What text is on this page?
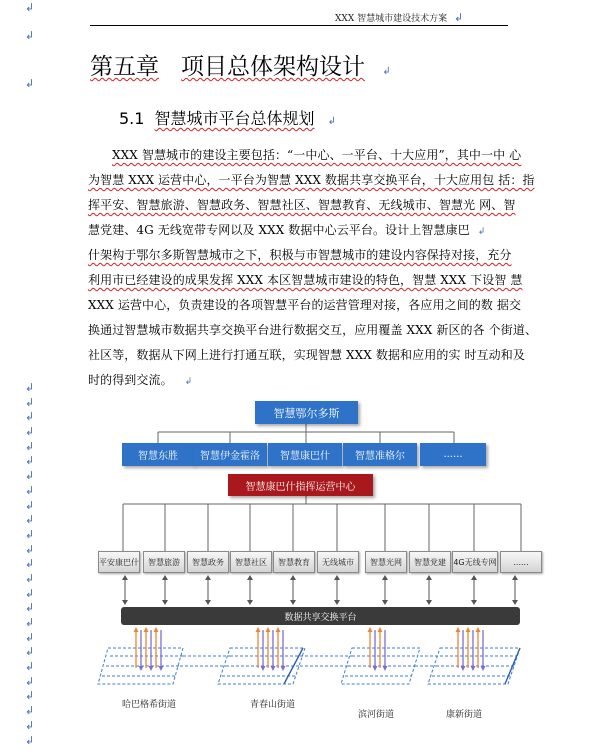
XXX 智慧城市建设技术方案 ↲
↲
↲
↲
第五章 项目总体架构设计 ↲
5.1 智慧城市平台总体规划 ↲
XXX 智慧城市的建设主要包括：“一中心、一平台、十大应用”，其中一中 心
为智慧 XXX 运营中心，一平台为智慧 XXX 数据共享交换平台，十大应用包 括：指
挥平安、智慧旅游、智慧政务、智慧社区、智慧教育、无线城市、智慧光 网、智
慧党建、4G 无线宽带专网以及 XXX 数据中心云平台。设计上智慧康巴 ↲
什架构于鄂尔多斯智慧城市之下，积极与市智慧城市的建设内容保持对接，充分
利用市已经建设的成果发挥 XXX 本区智慧城市建设的特色，智慧 XXX 下设智 慧
XXX 运营中心，负责建设的各项智慧平台的运营管理对接，各应用之间的数 据交
换通过智慧城市数据共享交换平台进行数据交互，应用覆盖 XXX 新区的各 个街道、
社区等，数据从下网上进行打通互联，实现智慧 XXX 数据和应用的实 时互动和及
时的得到交流。 ↲
↲
↲
↲
↲
↲
↲
↲
↲
↲
↲
↲
↲
↲
↲
↲
↲
↲
↲
↲
↲
↲
↲
↲
↲
↲
智慧鄂尔多斯
智慧东胜	智慧伊金霍洛	智慧康巴什	智慧准格尔	......
智慧康巴什指挥运营中心
平安康巴什	智慧旅游	智慧政务	智慧社区	智慧教育	无线城市	智慧光网	智慧党建 4G无线专网	......
数据共享交换平台
哈巴格希街道	青春山街道
滨河街道	康新街道
